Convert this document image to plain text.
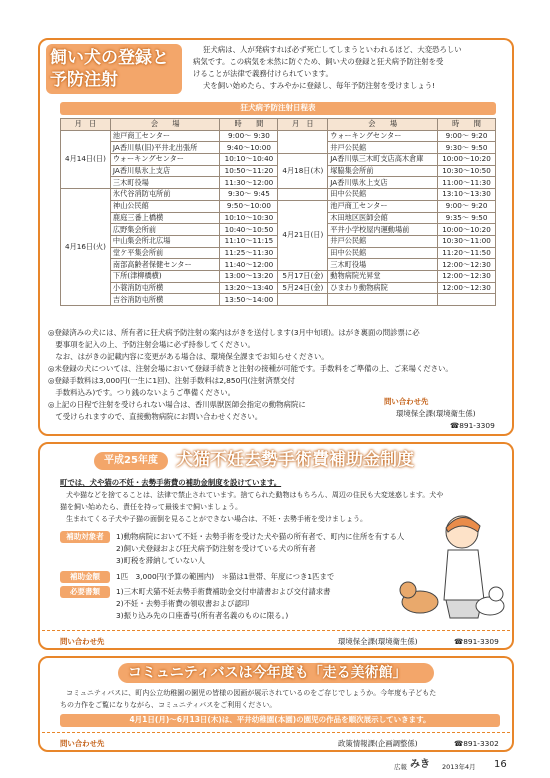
飼い犬の登録と
予防注射
狂犬病は、人が発病すれば必ず死亡してしまうといわれるほど、大変恐ろしい
病気です。この病気を未然に防ぐため、飼い犬の登録と狂犬病予防注射を受
けることが法律で義務付けられています。
犬を飼い始めたら、すみやかに登録し、毎年予防注射を受けましょう!
狂犬病予防注射日程表
月　日	会　　場	時　　間	月　日	会　　場	時　　間
4月14日(日)	池戸商工センター	9:00～ 9:30		ウォーキングセンター	9:00～ 9:20
	JA香川県(旧)平井北出張所	9:40～10:00		井戸公民館	9:30～ 9:50
	ウォーキングセンター	10:10～10:40	4月18日(木)	JA香川県三木町支店高木倉庫	10:00～10:20
	JA香川県氷上支店	10:50～11:20		塚脇集会所前	10:30～10:50
	三木町役場	11:30～12:00		JA香川県氷上支店	11:00～11:30
4月16日(火)	氷代谷消防屯所前	9:30～ 9:45		田中公民館	13:10～13:30
	神山公民館	9:50～10:00	4月21日(日)	池戸商工センター	9:00～ 9:20
	鹿庭三番上橋横	10:10～10:30		木田地区医師会館	9:35～ 9:50
	広野集会所前	10:40～10:50		平井小学校屋内運動場前	10:00～10:20
	中山集会所北広場	11:10～11:15		井戸公民館	10:30～11:00
	堂ケ平集会所前	11:25～11:30		田中公民館	11:20～11:50
	南部高齢者保健センター	11:40～12:00		三木町役場	12:00～12:30
	下所(津柳橋横)	13:00～13:20	5月17日(金)	動物病院光昇堂	12:00～12:30
	小蓑消防屯所横	13:20～13:40	5月24日(金)	ひまわり動物病院	12:00～12:30
	吉谷消防屯所横	13:50～14:00			
◎登録済みの犬には、所有者に狂犬病予防注射の案内はがきを送付します(3月中旬頃)。はがき裏面の問診票に必
　要事項を記入の上、予防注射会場に必ず持参してください。
　なお、はがきの記載内容に変更がある場合は、環境保全課までお知らせください。
◎未登録の犬については、注射会場において登録手続きと注射の接種が可能です。手数料をご準備の上、ご来場ください。
◎登録手数料は3,000円(一生に1回)、注射手数料は2,850円(注射済票交付
　手数料込み)です。つり銭のないようご準備ください。
◎上記の日程で注射を受けられない場合は、香川県獣医師会指定の動物病院に
　て受けられますので、直接動物病院にお問い合わせください。
問い合わせ先
環境保全課(環境衛生係)
☎891-3309
平成25年度	犬猫不妊去勢手術費補助金制度
町では、犬や猫の不妊・去勢手術費の補助金制度を設けています。
犬や猫などを捨てることは、法律で禁止されています。捨てられた動物はもちろん、周辺の住民も大変迷惑します。犬や
猫を飼い始めたら、責任を持って最後まで飼いましょう。
生まれてくる子犬や子猫の面倒を見ることができない場合は、不妊・去勢手術を受けましょう。
補助対象者	1)動物病院において不妊・去勢手術を受けた犬や猫の所有者で、町内に住所を有する人
2)飼い犬登録および狂犬病予防注射を受けている犬の所有者
3)町税を滞納していない人
補助金額	1匹　3,000円(予算の範囲内)　＊猫は1世帯、年度につき1匹まで
必要書類	1)三木町犬猫不妊去勢手術費補助金交付申請書および交付請求書
2)不妊・去勢手術費の領収書および認印
3)振り込み先の口座番号(所有者名義のものに限る。)
問い合わせ先	環境保全課(環境衛生係)	☎891-3309
コミュニティバスは今年度も「走る美術館」
コミュニティバスに、町内公立幼稚園の園児の皆様の図画が展示されているのをご存じでしょうか。今年度も子どもた
ちの力作をご覧になりながら、コミュニティバスをご利用ください。
4月1日(月)～6月13日(木)は、平井幼稚園(本園)の園児の作品を順次展示していきます。
問い合わせ先	政策情報課(企画調整係)	☎891-3302
広報 みき 2013年4月 16
